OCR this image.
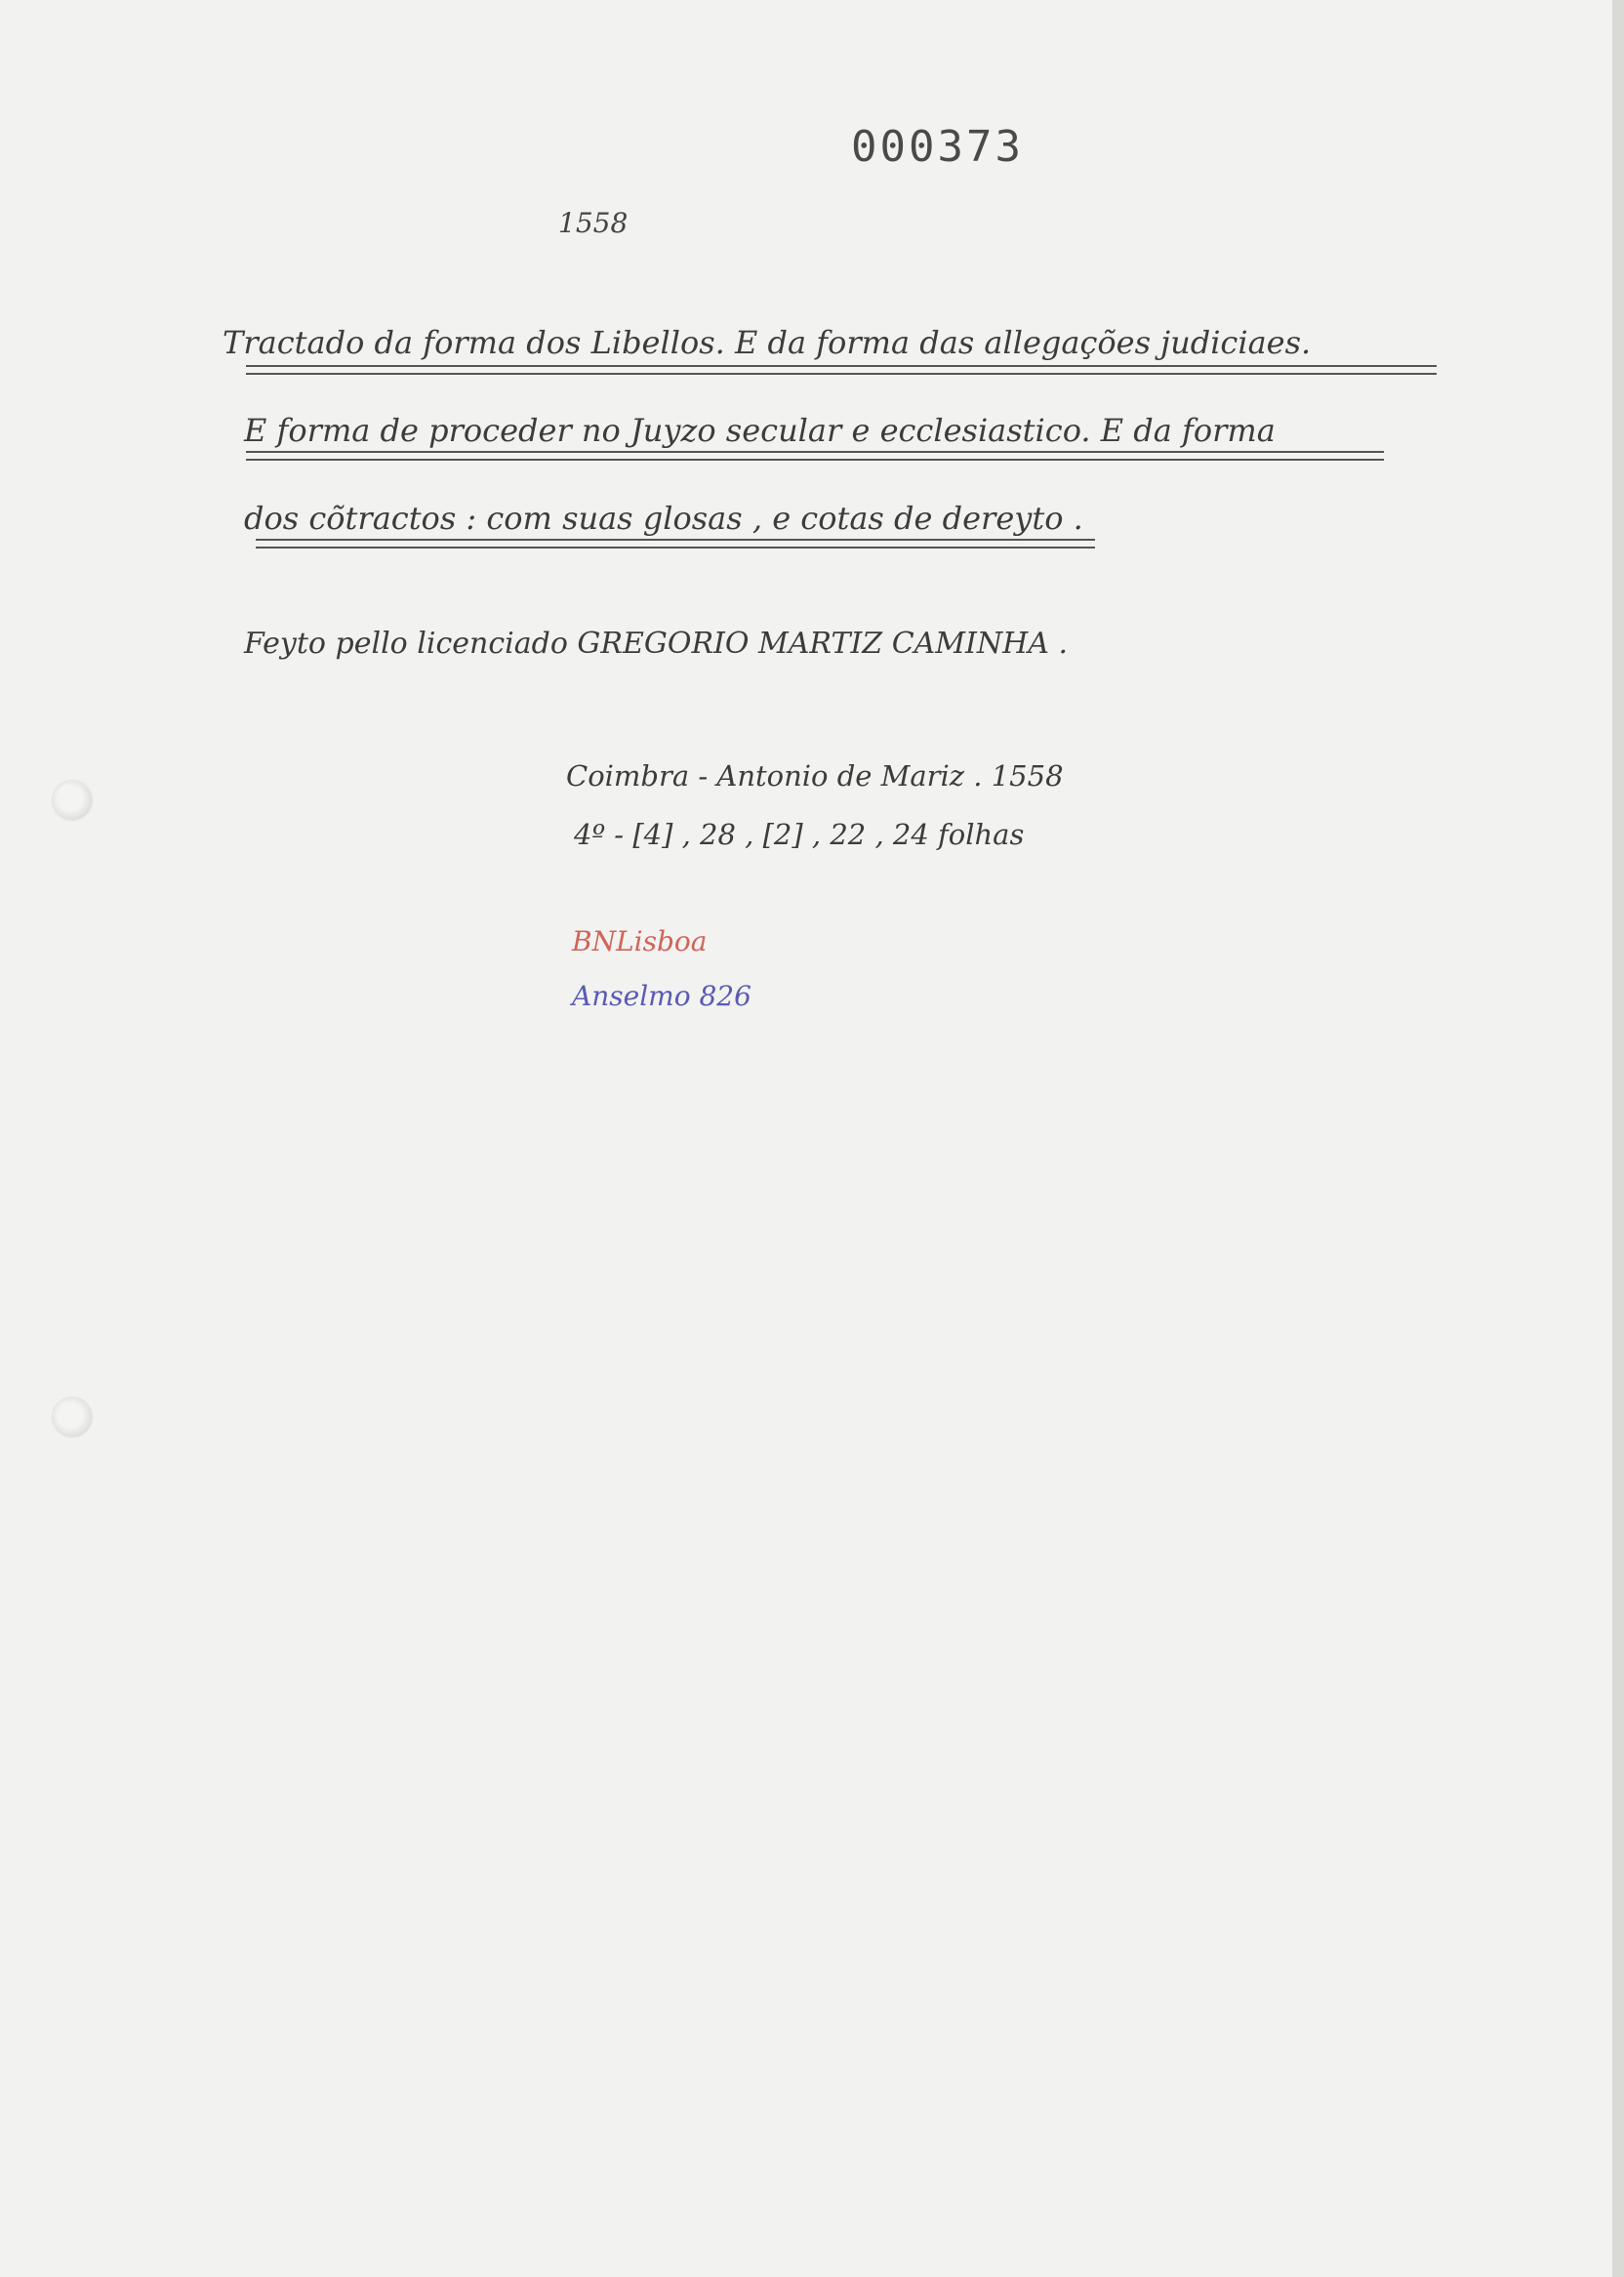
000373
1558
Tractado da forma dos Libellos. E da forma das allegações judiciaes.
E forma de proceder no Juyzo secular e ecclesiastico. E da forma
dos cõtractos : com suas glosas , e cotas de dereyto .
Feyto pello licenciado GREGORIO MARTIZ CAMINHA .
Coimbra - Antonio de Mariz . 1558
4º - [4] , 28 , [2] , 22 , 24 folhas
BNLisboa
Anselmo 826
